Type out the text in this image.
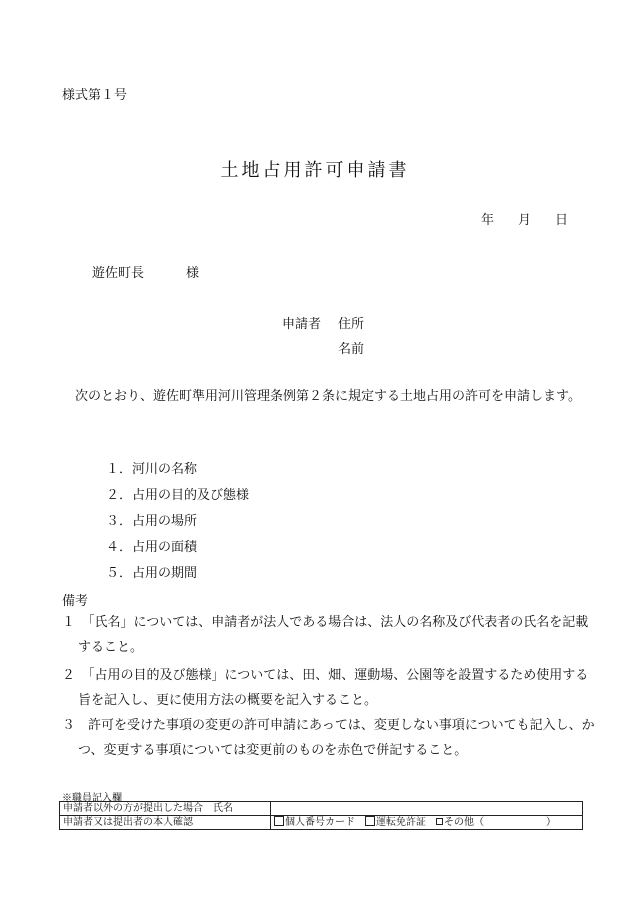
様式第１号
土地占用許可申請書
年 月 日
遊佐町長	様
申請者 住所
名前
次のとおり、遊佐町準用河川管理条例第２条に規定する土地占用の許可を申請します。
１．河川の名称
２．占用の目的及び態様
３．占用の場所
４．占用の面積
５．占用の期間
備考
１　「氏名」については、申請者が法人である場合は、法人の名称及び代表者の氏名を記載すること。
２　「占用の目的及び態様」については、田、畑、運動場、公園等を設置するため使用する旨を記入し、更に使用方法の概要を記入すること。
３　許可を受けた事項の変更の許可申請にあっては、変更しない事項についても記入し、かつ、変更する事項については変更前のものを赤色で併記すること。
※職員記入欄
申請者以外の方が提出した場合　氏名	
申請者又は提出者の本人確認	個人番号カード 運転免許証 その他（ ）
